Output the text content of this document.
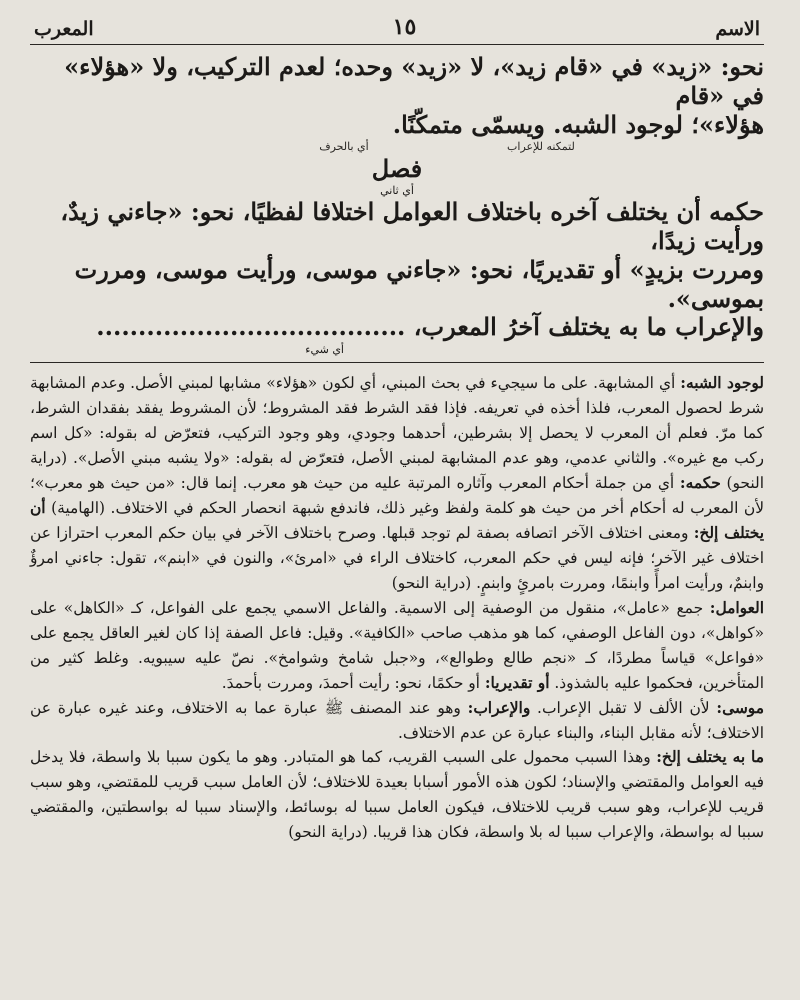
الاسم
١٥
المعرب

نحو: «زيد» في «قام زيد»، لا «زيد» وحده؛ لعدم التركيب، ولا «هؤلاء» في «قام

هؤلاء»؛ لوجود الشبه. ويسمّى متمكّنًا.

لتمكنه للإعراب
أي بالحرف

فصل

أي ثاني

حكمه أن يختلف آخره باختلاف العوامل اختلافا لفظيًا، نحو: «جاءني زيدٌ، ورأيت زيدًا،

ومررت بزيدٍ» أو تقديريًا، نحو: «جاءني موسى، ورأيت موسى، ومررت بموسى».

والإعراب ما به يختلف آخرُ المعرب، .....

أي شيء

لوجود الشبه: أي المشابهة. على ما سيجيء في بحث المبني، أي لكون «هؤلاء» مشابها لمبني الأصل. وعدم المشابهة شرط لحصول المعرب، فلذا أخذه في تعريفه. فإذا فقد الشرط فقد المشروط؛ لأن المشروط يفقد بفقدان الشرط، كما مرّ. فعلم أن المعرب لا يحصل إلا بشرطين، أحدهما وجودي، وهو وجود التركيب، فتعرّض له بقوله: «كل اسم ركب مع غيره». والثاني عدمي، وهو عدم المشابهة لمبني الأصل، فتعرّض له بقوله: «ولا يشبه مبني الأصل». (دراية النحو) حكمه: أي من جملة أحكام المعرب وآثاره المرتبة عليه من حيث هو معرب. إنما قال: «من حيث هو معرب»؛ لأن المعرب له أحكام أخر من حيث هو كلمة ولفظ وغير ذلك، فاندفع شبهة انحصار الحكم في الاختلاف. (الهامية) أن يختلف إلخ: ومعنى اختلاف الآخر اتصافه بصفة لم توجد قبلها. وصرح باختلاف الآخر في بيان حكم المعرب احترازا عن اختلاف غير الآخر؛ فإنه ليس في حكم المعرب، كاختلاف الراء في «امرئ»، والنون في «ابنم»، تقول: جاءني امرؤٌ وابنمٌ، ورأيت امرأً وابنمًا، ومررت بامرئٍ وابنمٍ. (دراية النحو)

العوامل: جمع «عامل»، منقول من الوصفية إلى الاسمية. والفاعل الاسمي يجمع على الفواعل، كـ «الكاهل» على «كواهل»، دون الفاعل الوصفي، كما هو مذهب صاحب «الكافية». وقيل: فاعل الصفة إذا كان لغير العاقل يجمع على «فواعل» قياساً مطردًا، كـ «نجم طالع وطوالع»، و«جبل شامخ وشوامخ». نصّ عليه سيبويه. وغلط كثير من المتأخرين، فحكموا عليه بالشذوذ. أو تقديريا: أو حكمًا، نحو: رأيت أحمدَ، ومررت بأحمدَ.

موسى: لأن الألف لا تقبل الإعراب. والإعراب: وهو عند المصنف ﷺ عبارة عما به الاختلاف، وعند غيره عبارة عن الاختلاف؛ لأنه مقابل البناء، والبناء عبارة عن عدم الاختلاف.

ما به يختلف إلخ: وهذا السبب محمول على السبب القريب، كما هو المتبادر. وهو ما يكون سببا بلا واسطة، فلا يدخل فيه العوامل والمقتضي والإسناد؛ لكون هذه الأمور أسبابا بعيدة للاختلاف؛ لأن العامل سبب قريب للمقتضي، وهو سبب قريب للإعراب، وهو سبب قريب للاختلاف، فيكون العامل سببا له بوسائط، والإسناد سببا له بواسطتين، والمقتضي سببا له بواسطة، والإعراب سببا له بلا واسطة، فكان هذا قريبا. (دراية النحو)
